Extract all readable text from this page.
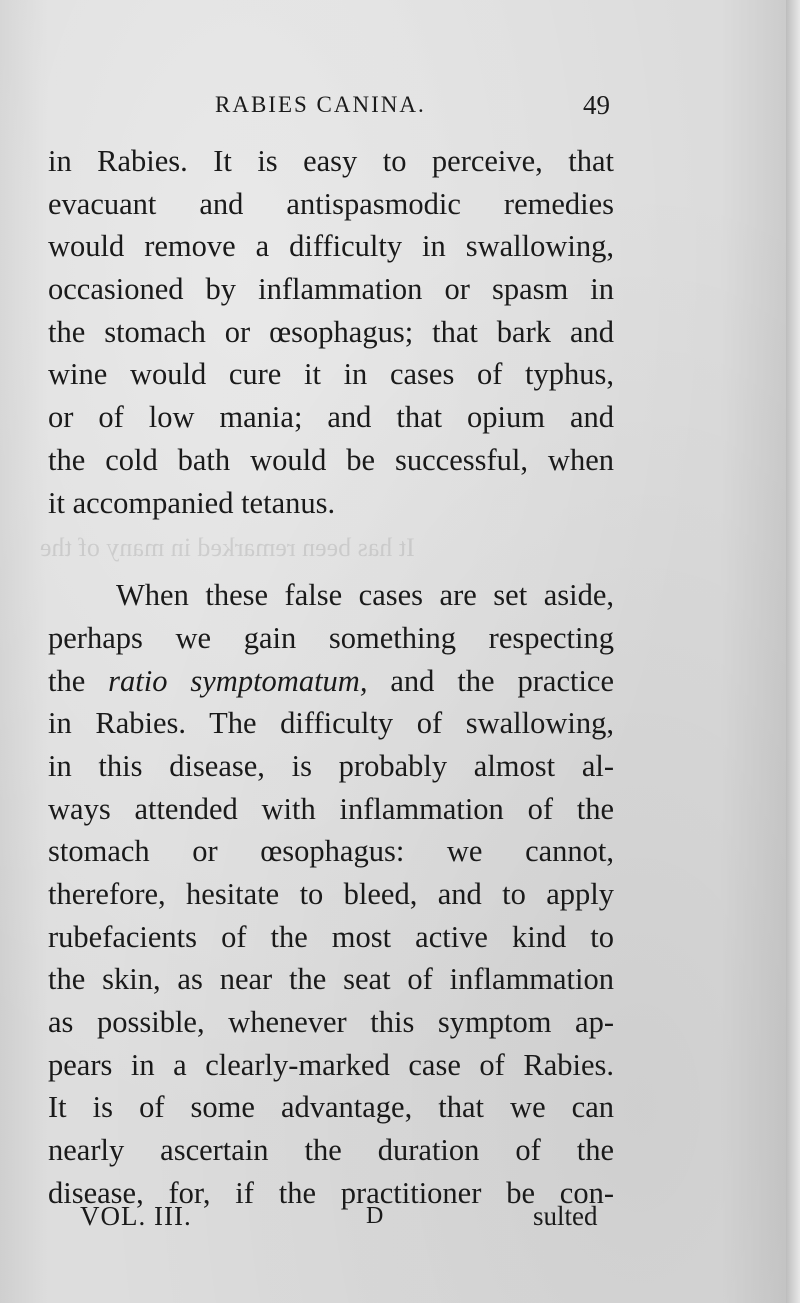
It has been remarked in many of the
RABIES CANINA.	49
in Rabies. It is easy to perceive, that
evacuant and antispasmodic remedies
would remove a difficulty in swallowing,
occasioned by inflammation or spasm in
the stomach or œsophagus; that bark and
wine would cure it in cases of typhus,
or of low mania; and that opium and
the cold bath would be successful, when
it accompanied tetanus.
When these false cases are set aside,
perhaps we gain something respecting
the ratio symptomatum, and the practice
in Rabies. The difficulty of swallowing,
in this disease, is probably almost al-
ways attended with inflammation of the
stomach or œsophagus: we cannot,
therefore, hesitate to bleed, and to apply
rubefacients of the most active kind to
the skin, as near the seat of inflammation
as possible, whenever this symptom ap-
pears in a clearly-marked case of Rabies.
It is of some advantage, that we can
nearly ascertain the duration of the
disease, for, if the practitioner be con-
VOL. III.	D	sulted
